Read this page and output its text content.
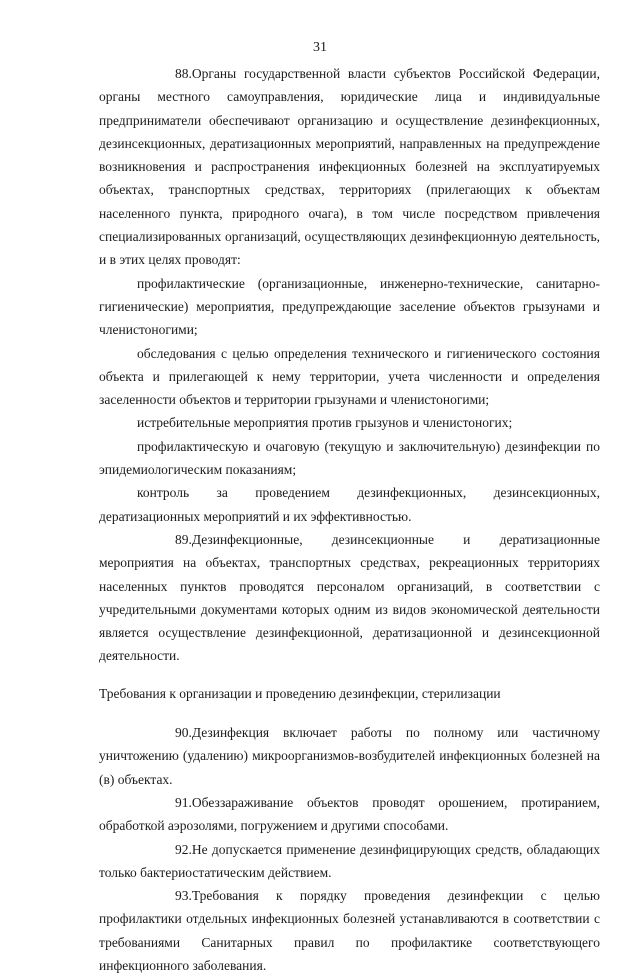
31

88.Органы государственной власти субъектов Российской Федерации, органы местного самоуправления, юридические лица и индивидуальные предприниматели обеспечивают организацию и осуществление дезинфекционных, дезинсекционных, дератизационных мероприятий, направленных на предупреждение возникновения и распространения инфекционных болезней на эксплуатируемых объектах, транспортных средствах, территориях (прилегающих к объектам населенного пункта, природного очага), в том числе посредством привлечения специализированных организаций, осуществляющих дезинфекционную деятельность, и в этих целях проводят:

профилактические (организационные, инженерно-технические, санитарно-гигиенические) мероприятия, предупреждающие заселение объектов грызунами и членистоногими;

обследования с целью определения технического и гигиенического состояния объекта и прилегающей к нему территории, учета численности и определения заселенности объектов и территории грызунами и членистоногими;

истребительные мероприятия против грызунов и членистоногих;

профилактическую и очаговую (текущую и заключительную) дезинфекции по эпидемиологическим показаниям;

контроль за проведением дезинфекционных, дезинсекционных, дератизационных мероприятий и их эффективностью.

89.Дезинфекционные, дезинсекционные и дератизационные мероприятия на объектах, транспортных средствах, рекреационных территориях населенных пунктов проводятся персоналом организаций, в соответствии с учредительными документами которых одним из видов экономической деятельности является осуществление дезинфекционной, дератизационной и дезинсекционной деятельности.

Требования к организации и проведению дезинфекции, стерилизации

90.Дезинфекция включает работы по полному или частичному уничтожению (удалению) микроорганизмов-возбудителей инфекционных болезней на (в) объектах.

91.Обеззараживание объектов проводят орошением, протиранием, обработкой аэрозолями, погружением и другими способами.

92.Не допускается применение дезинфицирующих средств, обладающих только бактериостатическим действием.

93.Требования к порядку проведения дезинфекции с целью профилактики отдельных инфекционных болезней устанавливаются в соответствии с требованиями Санитарных правил по профилактике соответствующего инфекционного заболевания.
